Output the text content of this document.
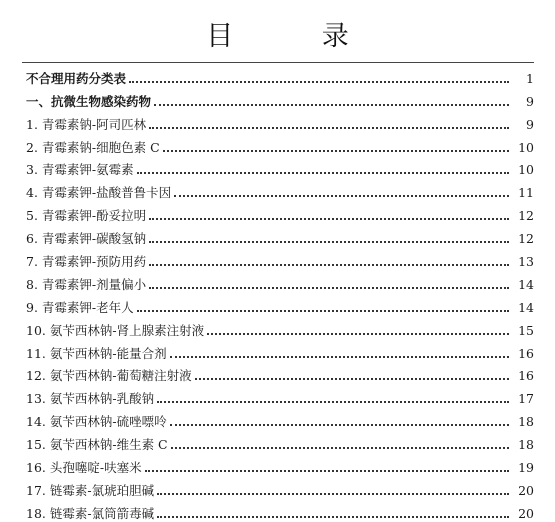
目 录
不合理用药分类表	1
一、抗微生物感染药物	9
1. 青霉素钠-阿司匹林	9
2. 青霉素钠-细胞色素 C	10
3. 青霉素钾-氨霉素	10
4. 青霉素钾-盐酸普鲁卡因	11
5. 青霉素钾-酚妥拉明	12
6. 青霉素钾-碳酸氢钠	12
7. 青霉素钾-预防用药	13
8. 青霉素钾-剂量偏小	14
9. 青霉素钾-老年人	14
10. 氨苄西林钠-肾上腺素注射液	15
11. 氨苄西林钠-能量合剂	16
12. 氨苄西林钠-葡萄糖注射液	16
13. 氨苄西林钠-乳酸钠	17
14. 氨苄西林钠-硫唑嘌呤	18
15. 氨苄西林钠-维生素 C	18
16. 头孢噻啶-呋塞米	19
17. 链霉素-氯琥珀胆碱	20
18. 链霉素-氯筒箭毒碱	20
